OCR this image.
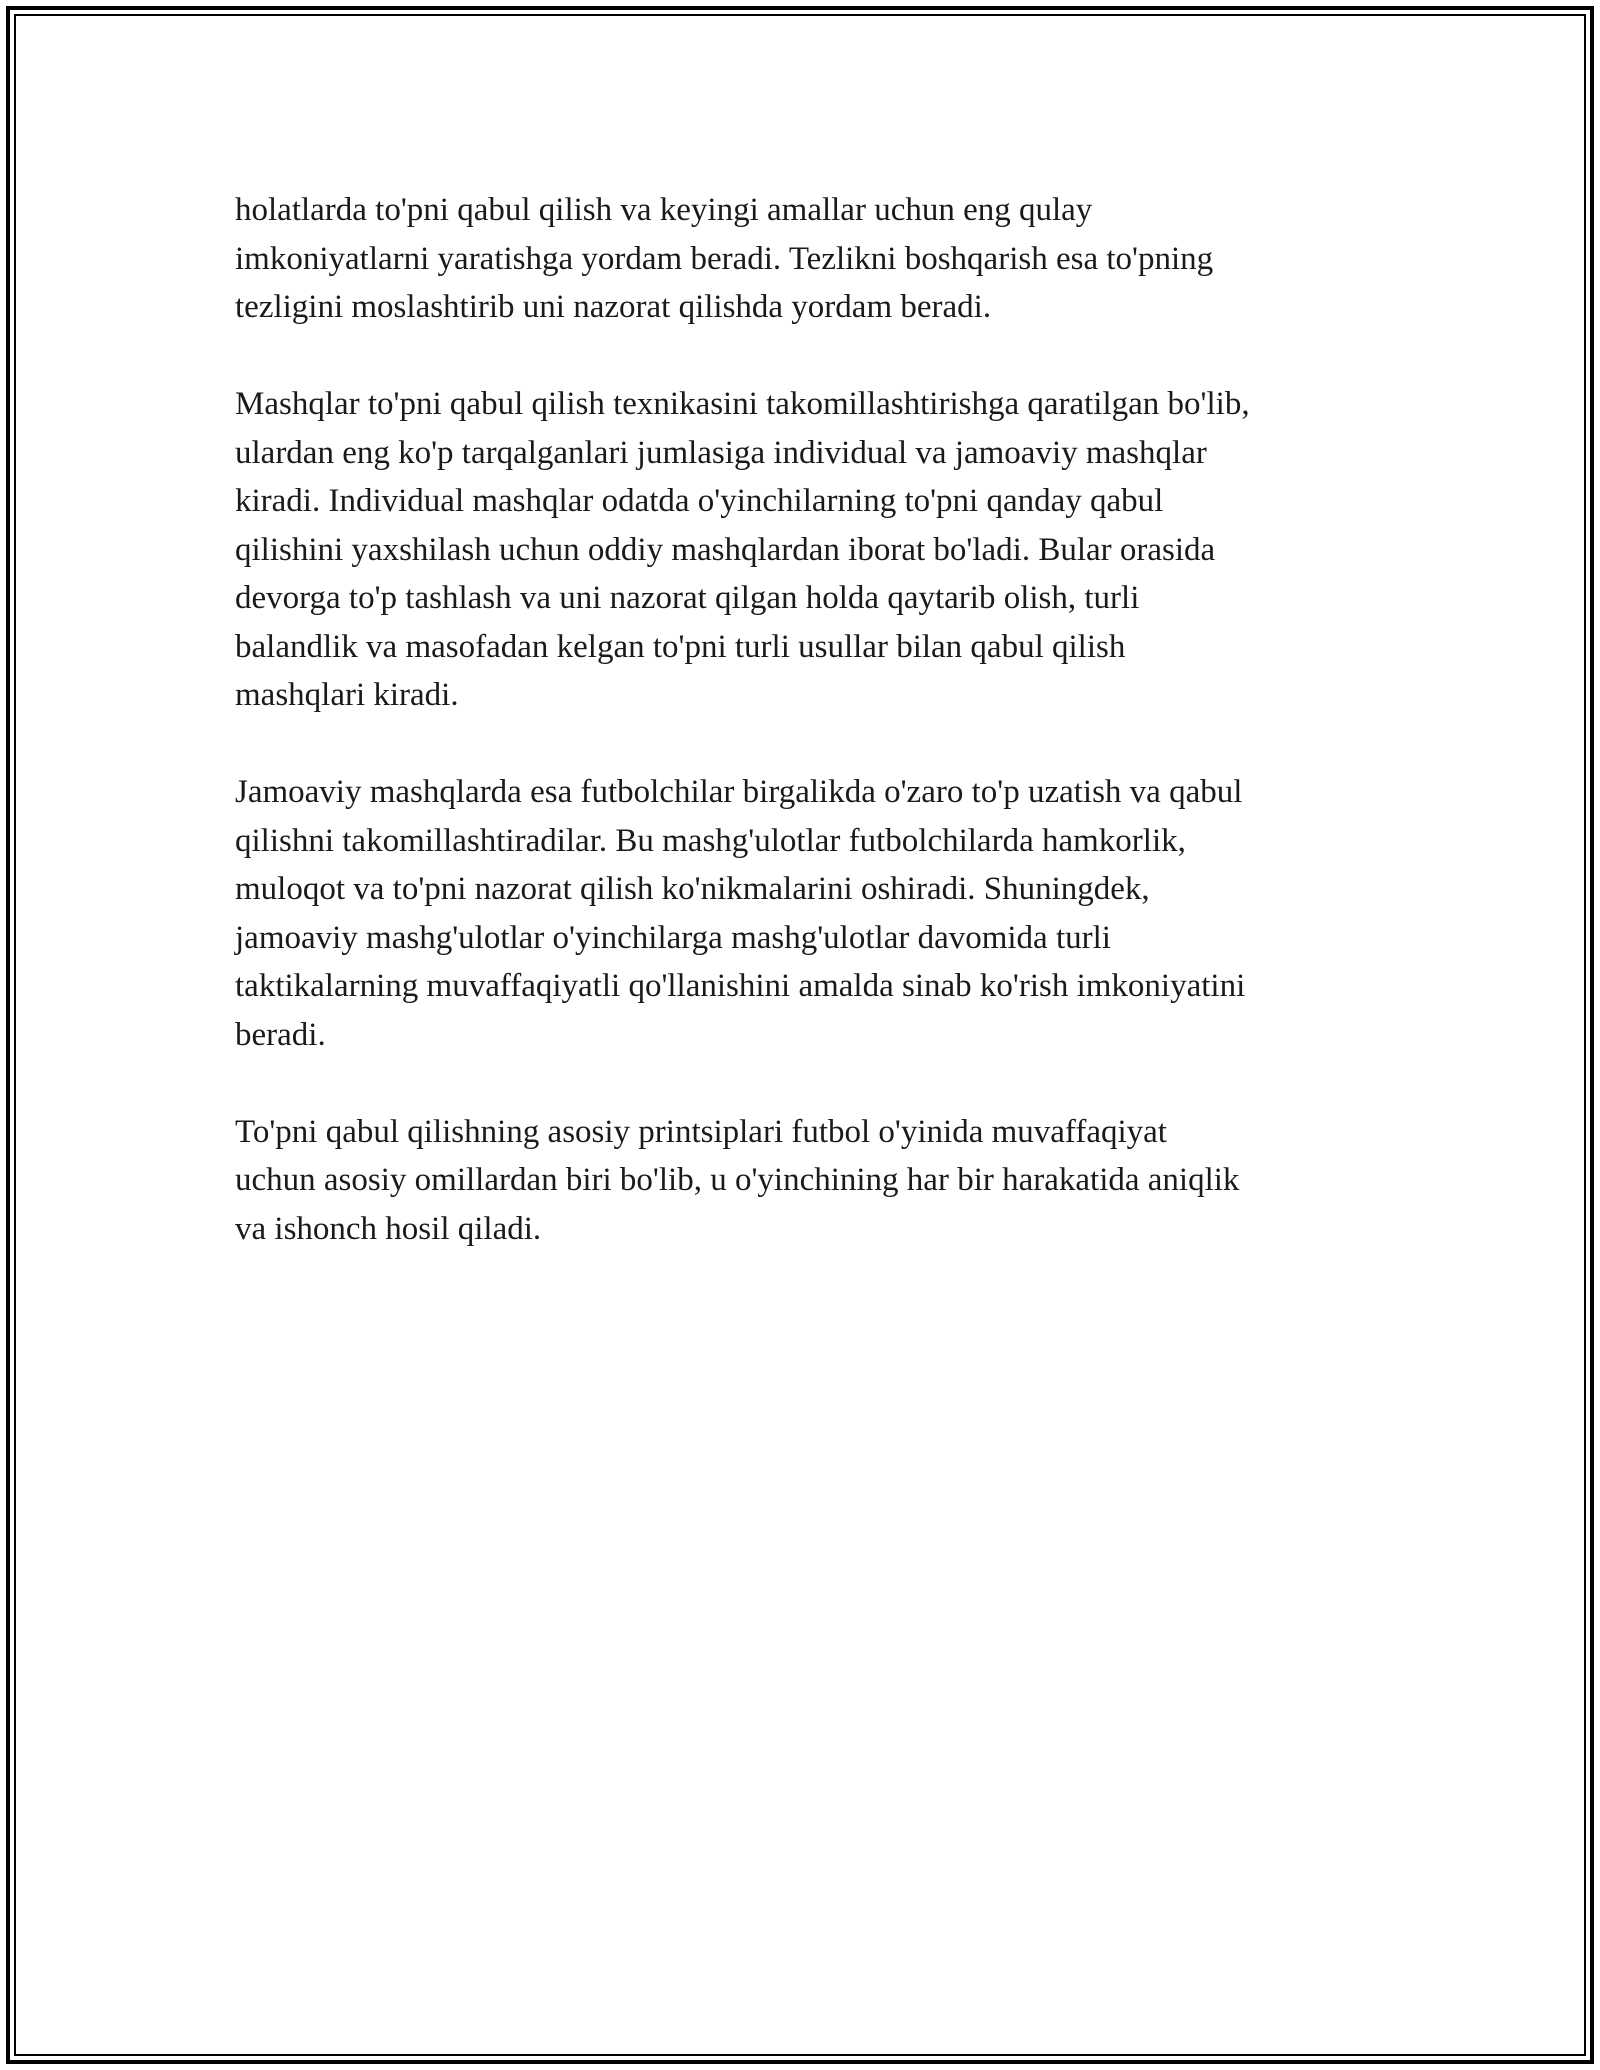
holatlarda to'pni qabul qilish va keyingi amallar uchun eng qulay
imkoniyatlarni yaratishga yordam beradi. Tezlikni boshqarish esa to'pning
tezligini moslashtirib uni nazorat qilishda yordam beradi.

Mashqlar to'pni qabul qilish texnikasini takomillashtirishga qaratilgan bo'lib,
ulardan eng ko'p tarqalganlari jumlasiga individual va jamoaviy mashqlar
kiradi. Individual mashqlar odatda o'yinchilarning to'pni qanday qabul
qilishini yaxshilash uchun oddiy mashqlardan iborat bo'ladi. Bular orasida
devorga to'p tashlash va uni nazorat qilgan holda qaytarib olish, turli
balandlik va masofadan kelgan to'pni turli usullar bilan qabul qilish
mashqlari kiradi.

Jamoaviy mashqlarda esa futbolchilar birgalikda o'zaro to'p uzatish va qabul
qilishni takomillashtiradilar. Bu mashg'ulotlar futbolchilarda hamkorlik,
muloqot va to'pni nazorat qilish ko'nikmalarini oshiradi. Shuningdek,
jamoaviy mashg'ulotlar o'yinchilarga mashg'ulotlar davomida turli
taktikalarning muvaffaqiyatli qo'llanishini amalda sinab ko'rish imkoniyatini
beradi.

To'pni qabul qilishning asosiy printsiplari futbol o'yinida muvaffaqiyat
uchun asosiy omillardan biri bo'lib, u o'yinchining har bir harakatida aniqlik
va ishonch hosil qiladi.
